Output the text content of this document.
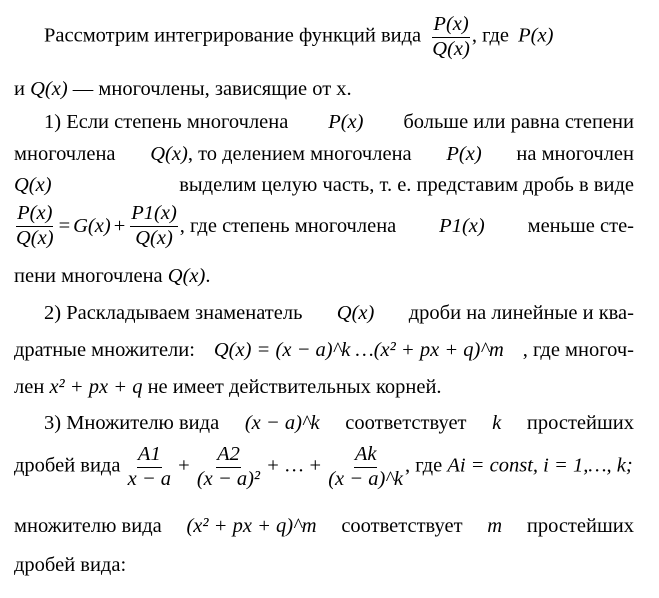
Рассмотрим интегрирование функций вида $\frac{P(x)}{Q(x)}$ , где P(x)
и Q(x) — многочлены, зависящие от x.
1) Если степень многочлена P(x) больше или равна степени
многочлена Q(x) , то делением многочлена P(x) на многочлен
Q(x)	выделим целую часть, т. е. представим дробь в виде
$\frac{P(x)}{Q(x)} = G(x) + \frac{P1(x)}{Q(x)}$ , где степень многочлена P1(x) меньше сте-
пени многочлена Q(x).
2) Раскладываем знаменатель Q(x) дроби на линейные и ква-
дратные множители: Q(x) = (x − a)^k …(x² + px + q)^m , где многоч-
лен x² + px + q не имеет действительных корней.
3) Множителю вида (x − a)^k соответствует k простейших
дробей вида $\frac{A1}{x - a} + \frac{A2}{\text{(x − a)²}}$ + … + $\frac{Ak}{(x - a)\^{}k}$ , где Ai = const, i = 1,…, k;
множителю вида (x² + px + q)^m соответствует m простейших
дробей вида:
